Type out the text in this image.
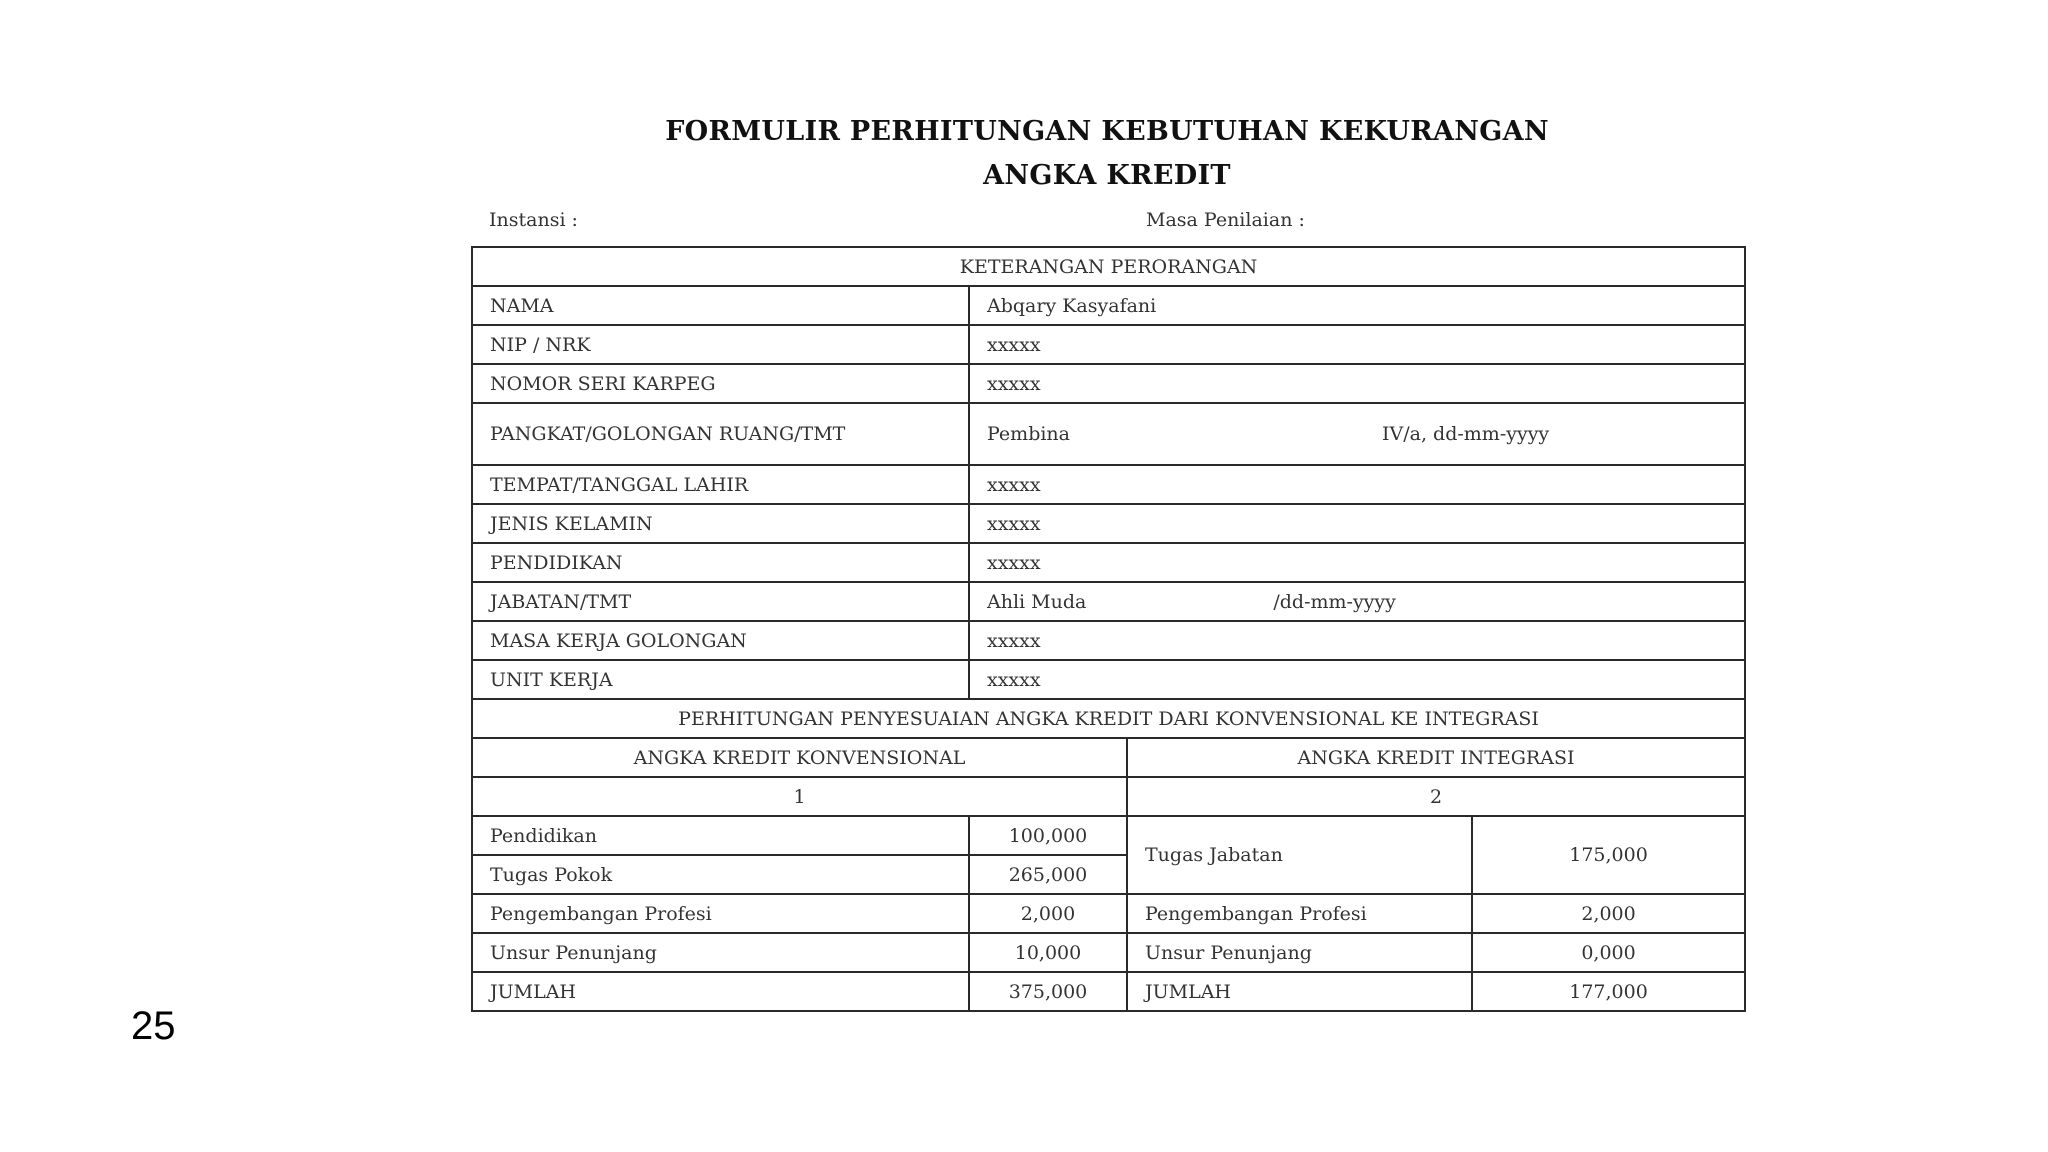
FORMULIR PERHITUNGAN KEBUTUHAN KEKURANGAN
ANGKA KREDIT
Instansi :	Masa Penilaian :
KETERANGAN PERORANGAN			
NAMA	Abqary Kasyafani		
NIP / NRK	xxxxx		
NOMOR SERI KARPEG	xxxxx		
PANGKAT/GOLONGAN RUANG/TMT	Pembina IV/a, dd-mm-yyyy		
TEMPAT/TANGGAL LAHIR	xxxxx		
JENIS KELAMIN	xxxxx		
PENDIDIKAN	xxxxx		
JABATAN/TMT	Ahli Muda /dd-mm-yyyy		
MASA KERJA GOLONGAN	xxxxx		
UNIT KERJA	xxxxx		
PERHITUNGAN PENYESUAIAN ANGKA KREDIT DARI KONVENSIONAL KE INTEGRASI			
ANGKA KREDIT KONVENSIONAL		ANGKA KREDIT INTEGRASI	
1		2	
Pendidikan	100,000	Tugas Jabatan	175,000
Tugas Pokok	265,000		
Pengembangan Profesi	2,000	Pengembangan Profesi	2,000
Unsur Penunjang	10,000	Unsur Penunjang	0,000
JUMLAH	375,000	JUMLAH	177,000
25
